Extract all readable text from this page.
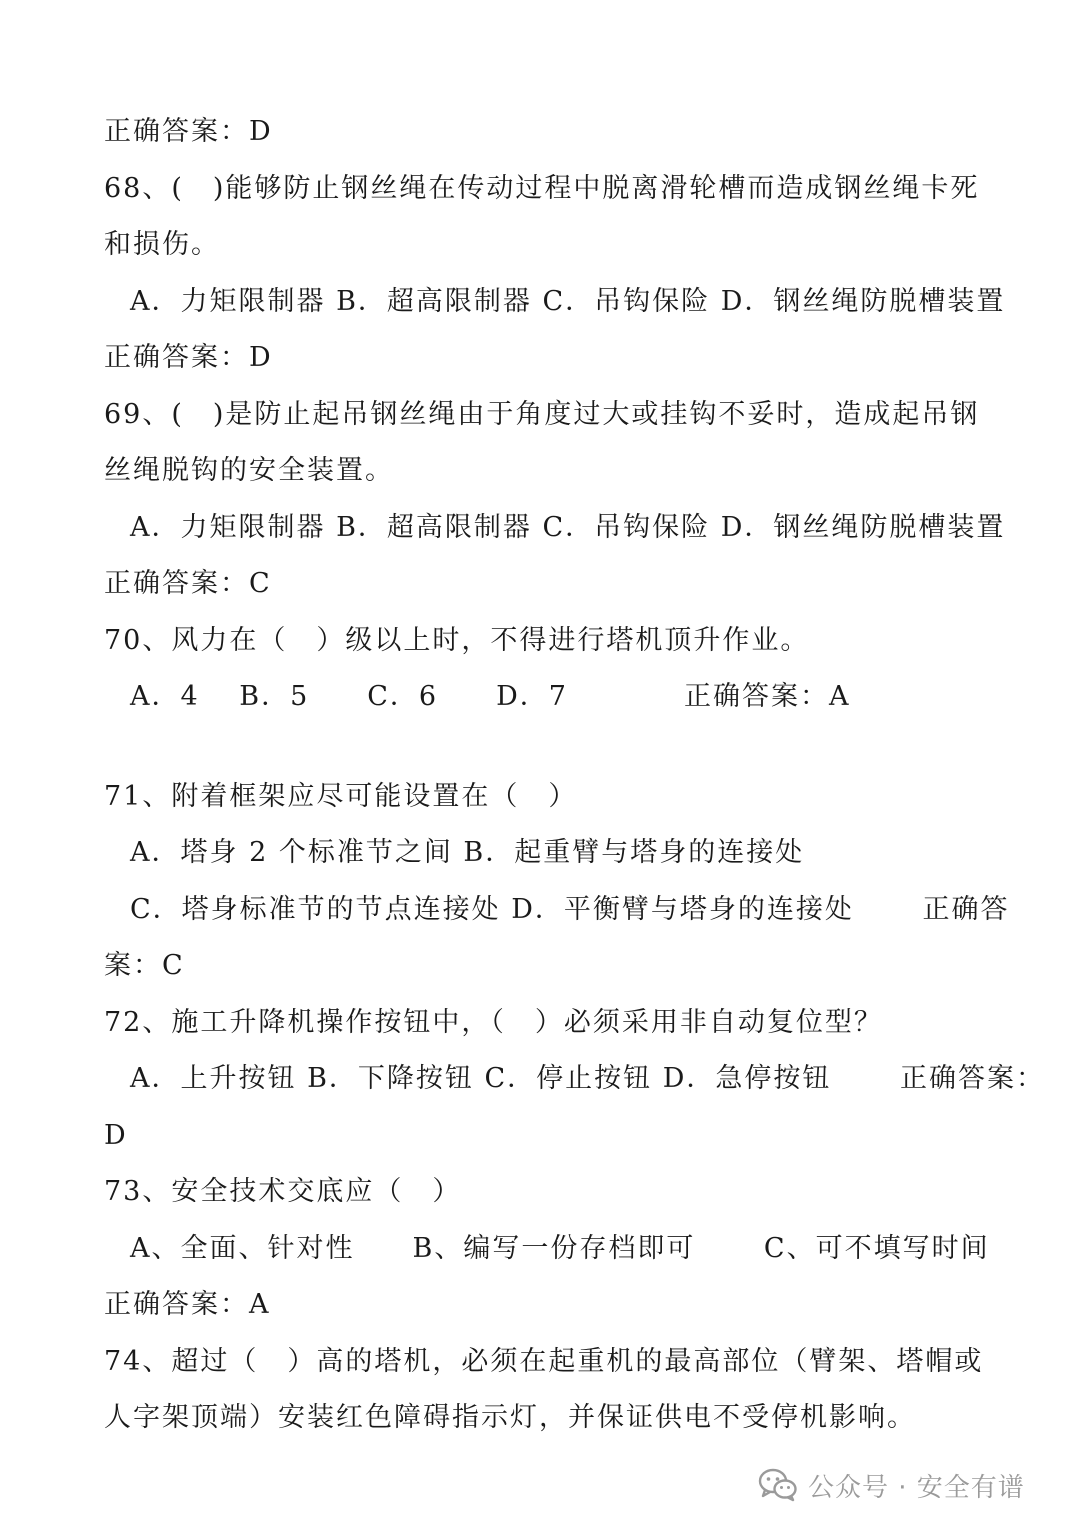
正确答案：D
68、(　)能够防止钢丝绳在传动过程中脱离滑轮槽而造成钢丝绳卡死
和损伤。
A．力矩限制器 B．超高限制器 C．吊钩保险 D．钢丝绳防脱槽装置
正确答案：D
69、(　)是防止起吊钢丝绳由于角度过大或挂钩不妥时，造成起吊钢
丝绳脱钩的安全装置。
A．力矩限制器 B．超高限制器 C．吊钩保险 D．钢丝绳防脱槽装置
正确答案：C
70、风力在（　）级以上时，不得进行塔机顶升作业。
A．4　 B．5　　C．6　　D．7　　　　正确答案：A
71、附着框架应尽可能设置在（　）
A．塔身 2 个标准节之间 B．起重臂与塔身的连接处
C．塔身标准节的节点连接处 D．平衡臂与塔身的连接处　　 正确答
案：C
72、施工升降机操作按钮中，（　）必须采用非自动复位型？
A．上升按钮 B．下降按钮 C．停止按钮 D．急停按钮　　 正确答案：
D
73、安全技术交底应（　）
A、全面、针对性　　B、编写一份存档即可　　 C、可不填写时间
正确答案：A
74、超过（　）高的塔机，必须在起重机的最高部位（臂架、塔帽或
人字架顶端）安装红色障碍指示灯，并保证供电不受停机影响。
公众号 · 安全有谱
